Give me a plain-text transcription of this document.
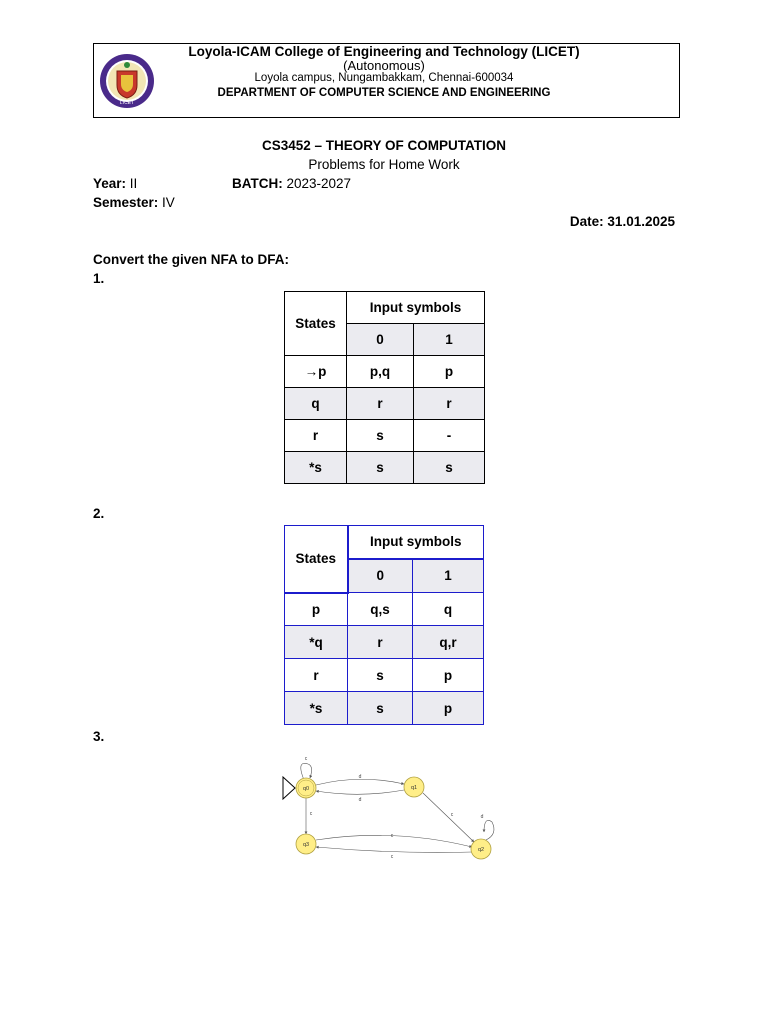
LICET
Loyola-ICAM College of Engineering and Technology (LICET)
(Autonomous)
Loyola campus, Nungambakkam, Chennai-600034
DEPARTMENT OF COMPUTER SCIENCE AND ENGINEERING
CS3452 – THEORY OF COMPUTATION
Problems for Home Work
Year: II	BATCH: 2023-2027
Semester: IV
Date: 31.01.2025
Convert the given NFA to DFA:
1.
States	Input symbols	
	0	1
→p	p,q	p
q	r	r
r	s	-
*s	s	s
2.
States	Input symbols	
	0	1
p	q,s	q
*q	r	q,r
r	s	p
*s	s	p
3.
c
d
d
c	d
c
c
c
q0	q1
q2
q3
